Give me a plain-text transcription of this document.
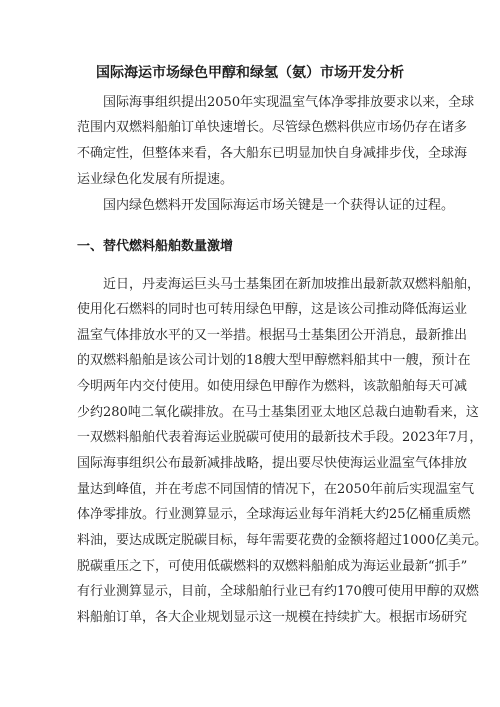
国际海运市场绿色甲醇和绿氢（氨）市场开发分析
国际海事组织提出2050年实现温室气体净零排放要求以来，全球
范围内双燃料船舶订单快速增长。尽管绿色燃料供应市场仍存在诸多
不确定性，但整体来看，各大船东已明显加快自身减排步伐，全球海
运业绿色化发展有所提速。
国内绿色燃料开发国际海运市场关键是一个获得认证的过程。
一、替代燃料船舶数量激增
近日，丹麦海运巨头马士基集团在新加坡推出最新款双燃料船舶，
使用化石燃料的同时也可转用绿色甲醇，这是该公司推动降低海运业
温室气体排放水平的又一举措。根据马士基集团公开消息，最新推出
的双燃料船舶是该公司计划的18艘大型甲醇燃料船其中一艘，预计在
今明两年内交付使用。如使用绿色甲醇作为燃料，该款船舶每天可减
少约280吨二氧化碳排放。在马士基集团亚太地区总裁白迪勒看来，这
一双燃料船舶代表着海运业脱碳可使用的最新技术手段。2023年7月，
国际海事组织公布最新减排战略，提出要尽快使海运业温室气体排放
量达到峰值，并在考虑不同国情的情况下，在2050年前后实现温室气
体净零排放。行业测算显示，全球海运业每年消耗大约25亿桶重质燃
料油，要达成既定脱碳目标，每年需要花费的金额将超过1000亿美元。
脱碳重压之下，可使用低碳燃料的双燃料船舶成为海运业最新“抓手”
有行业测算显示，目前，全球船舶行业已有约170艘可使用甲醇的双燃
料船舶订单，各大企业规划显示这一规模在持续扩大。根据市场研究
